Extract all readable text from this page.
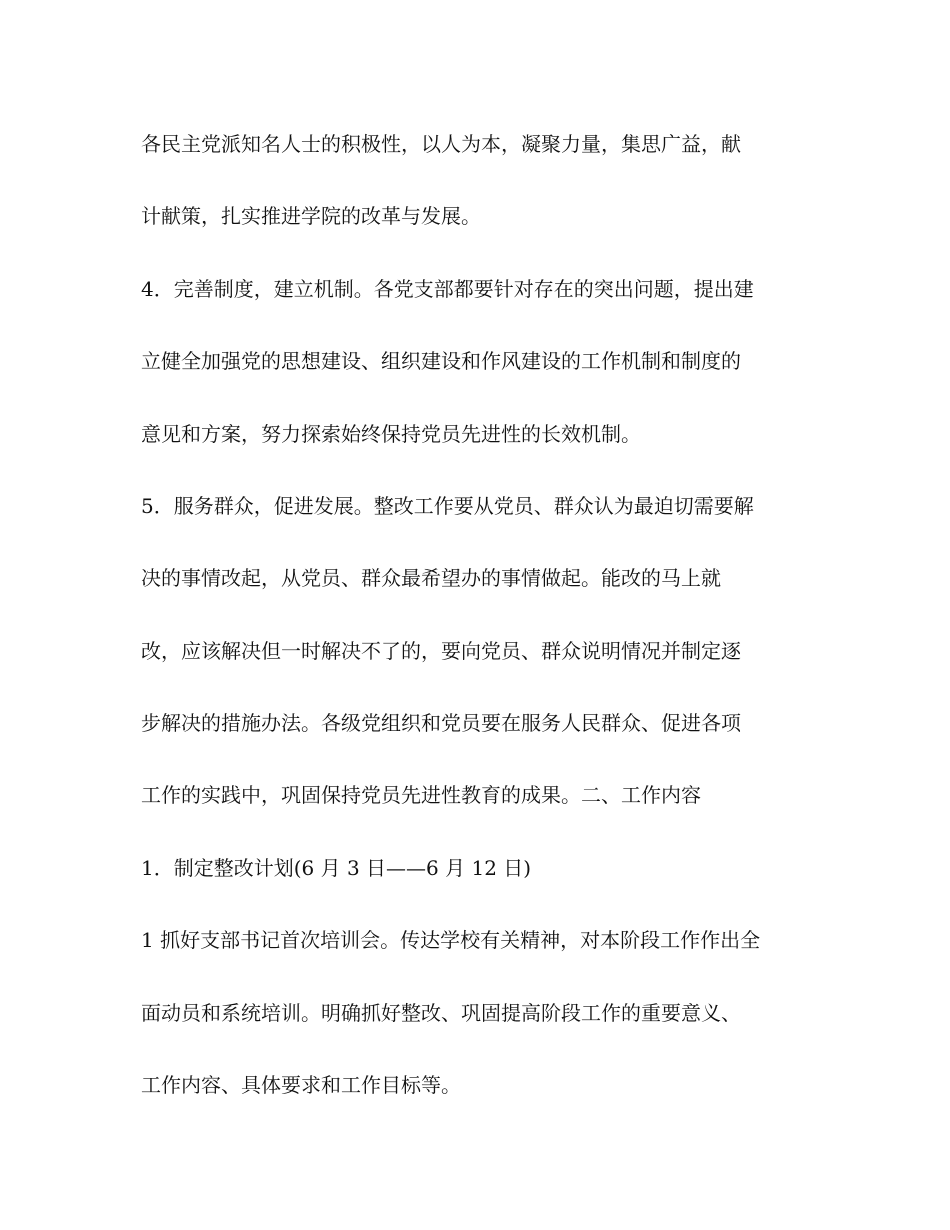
各民主党派知名人士的积极性，以人为本，凝聚力量，集思广益，献

计献策，扎实推进学院的改革与发展。

4．完善制度，建立机制。各党支部都要针对存在的突出问题，提出建

立健全加强党的思想建设、组织建设和作风建设的工作机制和制度的

意见和方案，努力探索始终保持党员先进性的长效机制。

5．服务群众，促进发展。整改工作要从党员、群众认为最迫切需要解

决的事情改起，从党员、群众最希望办的事情做起。能改的马上就

改，应该解决但一时解决不了的，要向党员、群众说明情况并制定逐

步解决的措施办法。各级党组织和党员要在服务人民群众、促进各项

工作的实践中，巩固保持党员先进性教育的成果。二、工作内容

1．制定整改计划(6 月 3 日——6 月 12 日)

1 抓好支部书记首次培训会。传达学校有关精神，对本阶段工作作出全

面动员和系统培训。明确抓好整改、巩固提高阶段工作的重要意义、

工作内容、具体要求和工作目标等。
